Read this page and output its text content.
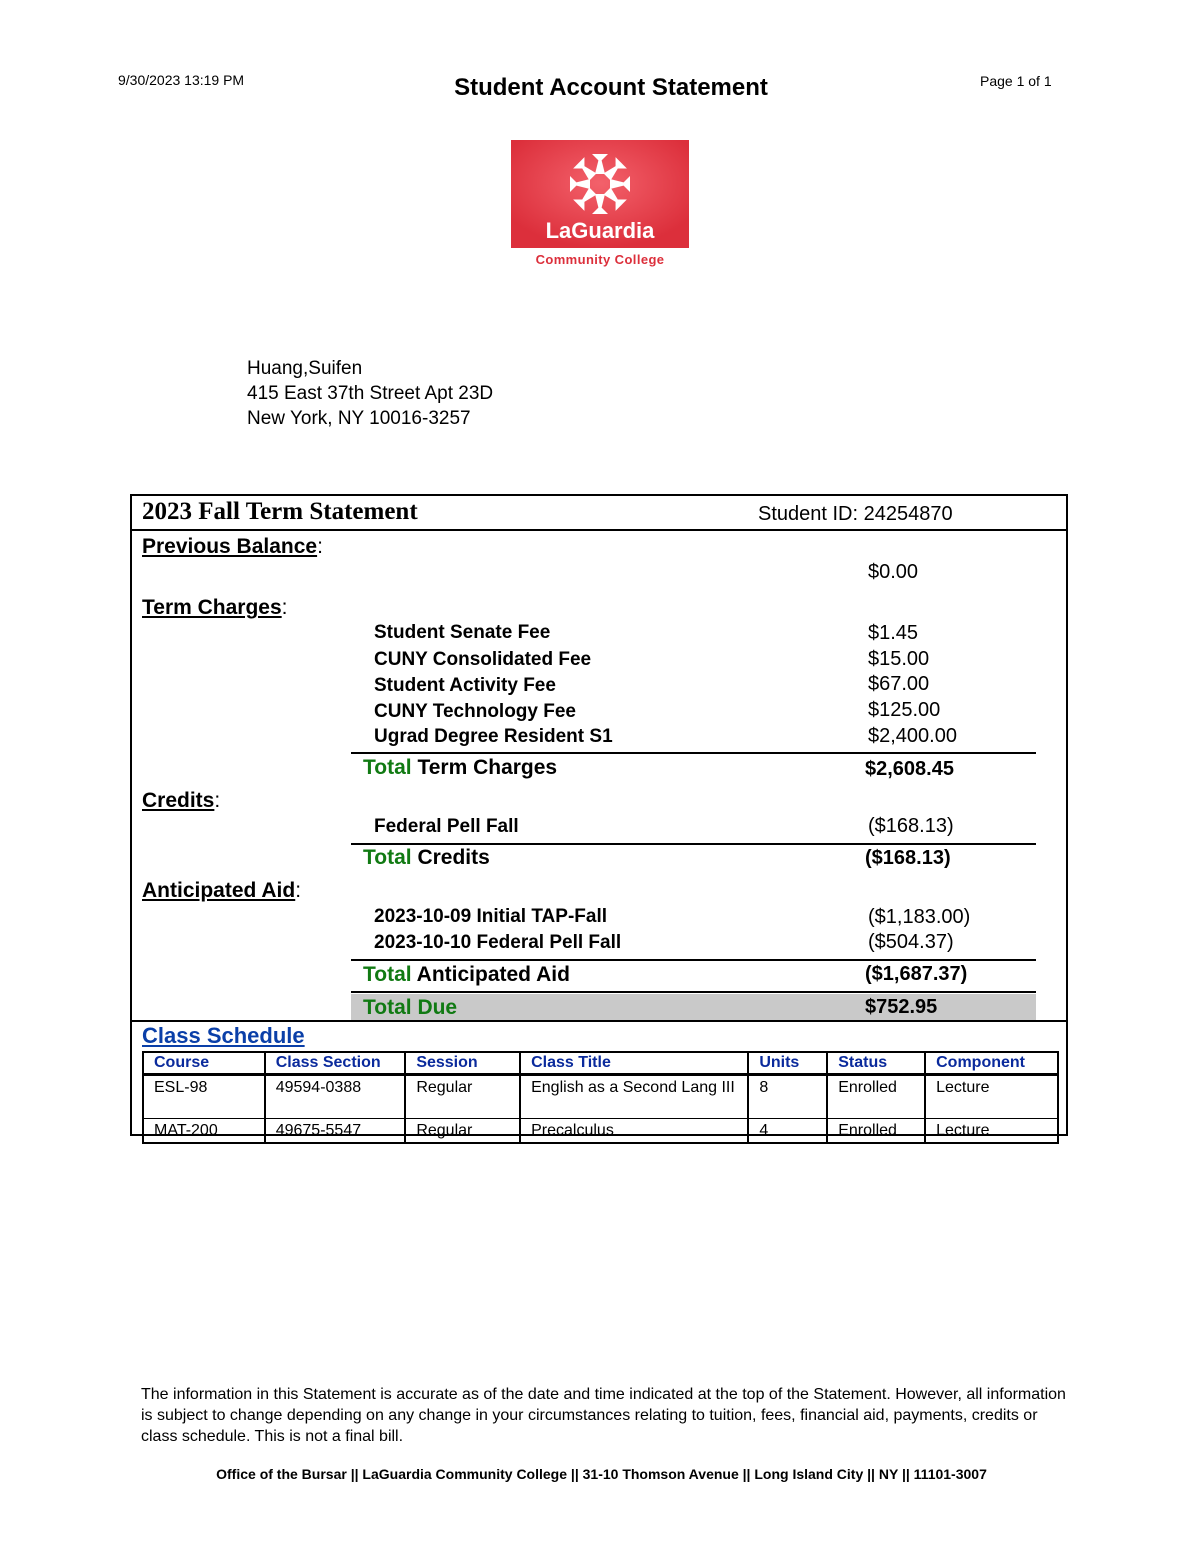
9/30/2023 13:19 PM	Student Account Statement	Page 1 of 1
LaGuardia
Community College
Huang,Suifen
415 East 37th Street Apt 23D
New York, NY 10016-3257
2023 Fall Term Statement	Student ID: 24254870
Previous Balance:
$0.00
Term Charges:
Student Senate Fee	$1.45
CUNY Consolidated Fee	$15.00
Student Activity Fee	$67.00
CUNY Technology Fee	$125.00
Ugrad Degree Resident S1	$2,400.00
Total Term Charges	$2,608.45
Credits:
Federal Pell Fall	($168.13)
Total Credits	($168.13)
Anticipated Aid:
2023-10-09 Initial TAP-Fall	($1,183.00)
2023-10-10 Federal Pell Fall	($504.37)
Total Anticipated Aid	($1,687.37)
Total Due	$752.95
Class Schedule
Course	Class Section	Session	Class Title	Units	Status	Component
ESL-98	49594-0388	Regular	English as a Second Lang III	8	Enrolled	Lecture
MAT-200	49675-5547	Regular	Precalculus	4	Enrolled	Lecture
The information in this Statement is accurate as of the date and time indicated at the top of the Statement. However, all information is subject to change depending on any change in your circumstances relating to tuition, fees, financial aid, payments, credits or class schedule. This is not a final bill.
Office of the Bursar || LaGuardia Community College || 31-10 Thomson Avenue || Long Island City || NY || 11101-3007
